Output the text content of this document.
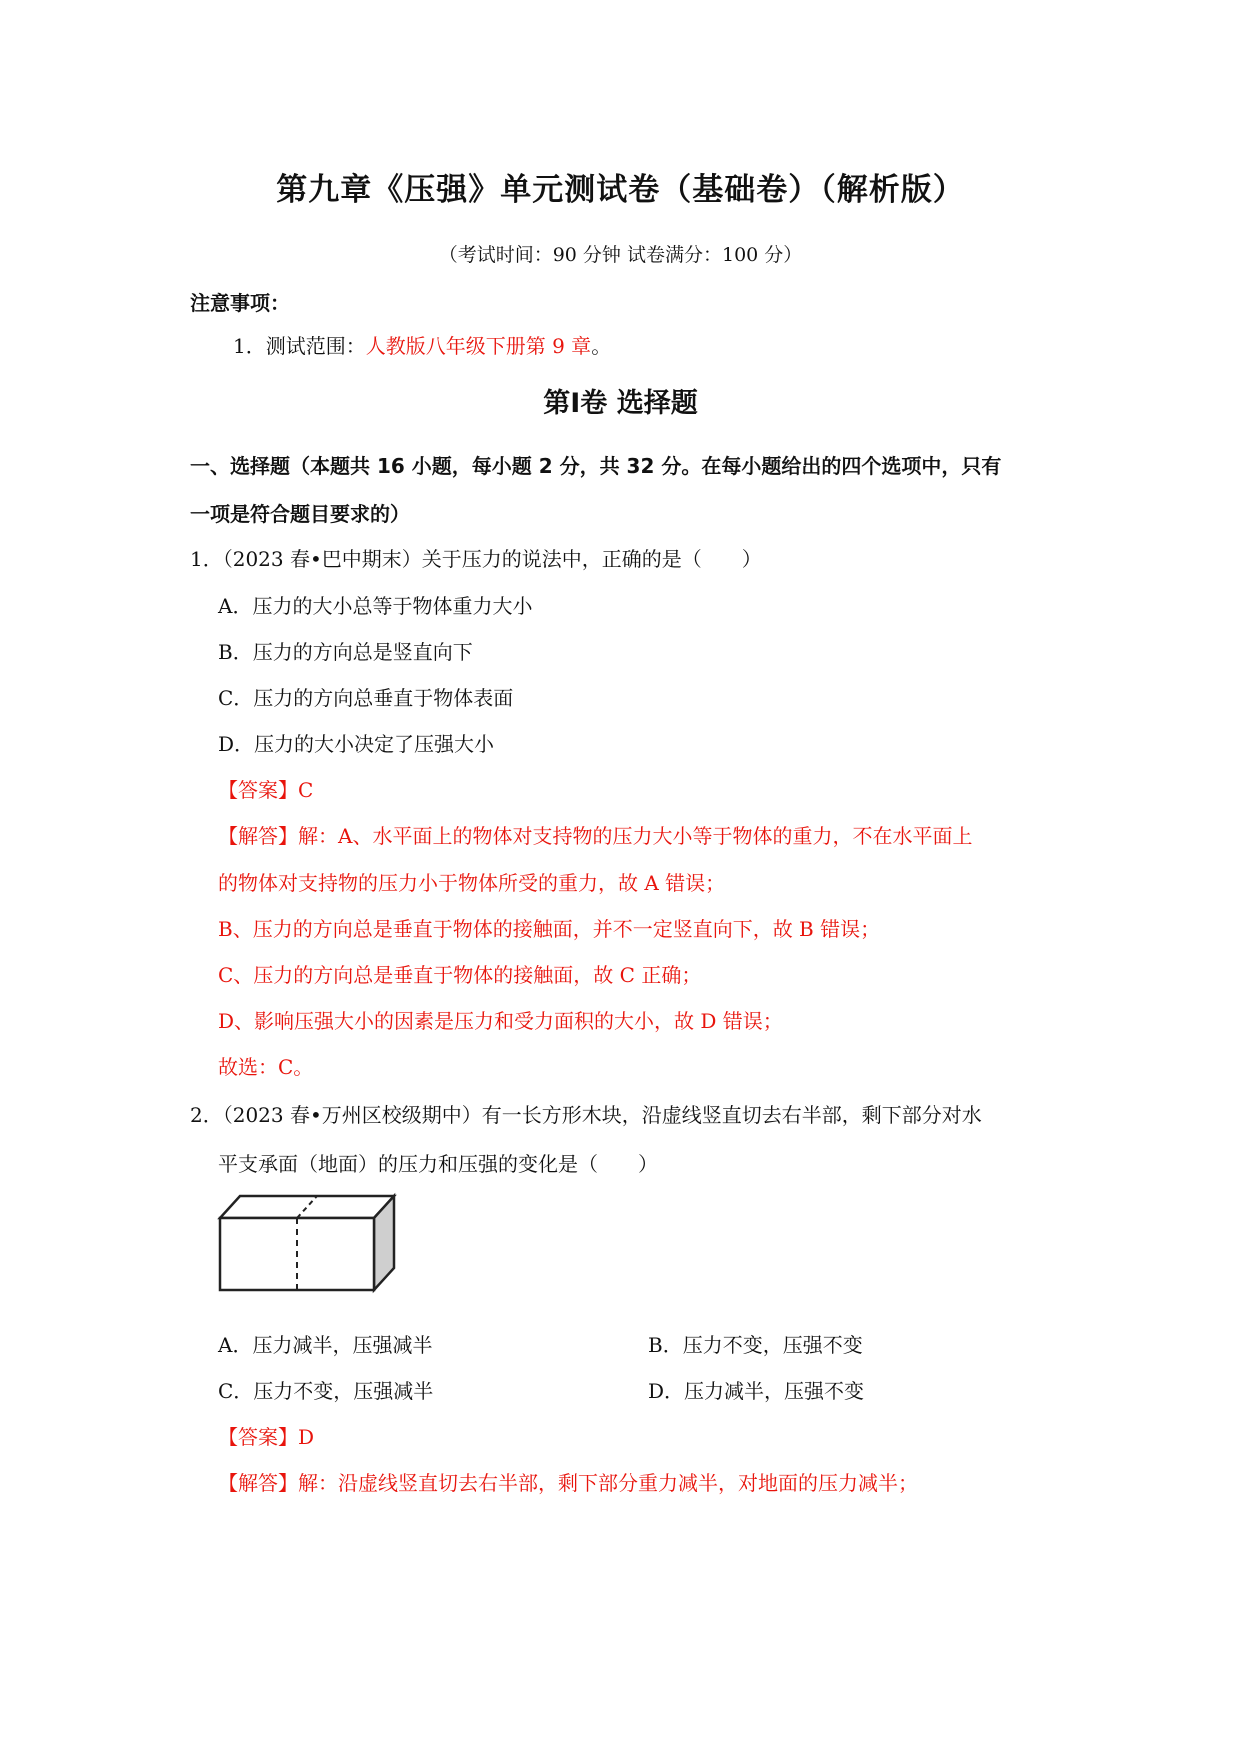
第九章《压强》单元测试卷（基础卷）（解析版）
（考试时间：90 分钟 试卷满分：100 分）
注意事项：
1．测试范围：人教版八年级下册第 9 章。
第Ⅰ卷 选择题
一、选择题（本题共 16 小题，每小题 2 分，共 32 分。在每小题给出的四个选项中，只有
一项是符合题目要求的）
1．（2023 春•巴中期末）关于压力的说法中，正确的是（　　）
A．压力的大小总等于物体重力大小
B．压力的方向总是竖直向下
C．压力的方向总垂直于物体表面
D．压力的大小决定了压强大小
【答案】C
【解答】解：A、水平面上的物体对支持物的压力大小等于物体的重力，不在水平面上
的物体对支持物的压力小于物体所受的重力，故 A 错误；
B、压力的方向总是垂直于物体的接触面，并不一定竖直向下，故 B 错误；
C、压力的方向总是垂直于物体的接触面，故 C 正确；
D、影响压强大小的因素是压力和受力面积的大小，故 D 错误；
故选：C。
2．（2023 春•万州区校级期中）有一长方形木块，沿虚线竖直切去右半部，剩下部分对水
平支承面（地面）的压力和压强的变化是（　　）
A．压力减半，压强减半	B．压力不变，压强不变
C．压力不变，压强减半	D．压力减半，压强不变
【答案】D
【解答】解：沿虚线竖直切去右半部，剩下部分重力减半，对地面的压力减半；
